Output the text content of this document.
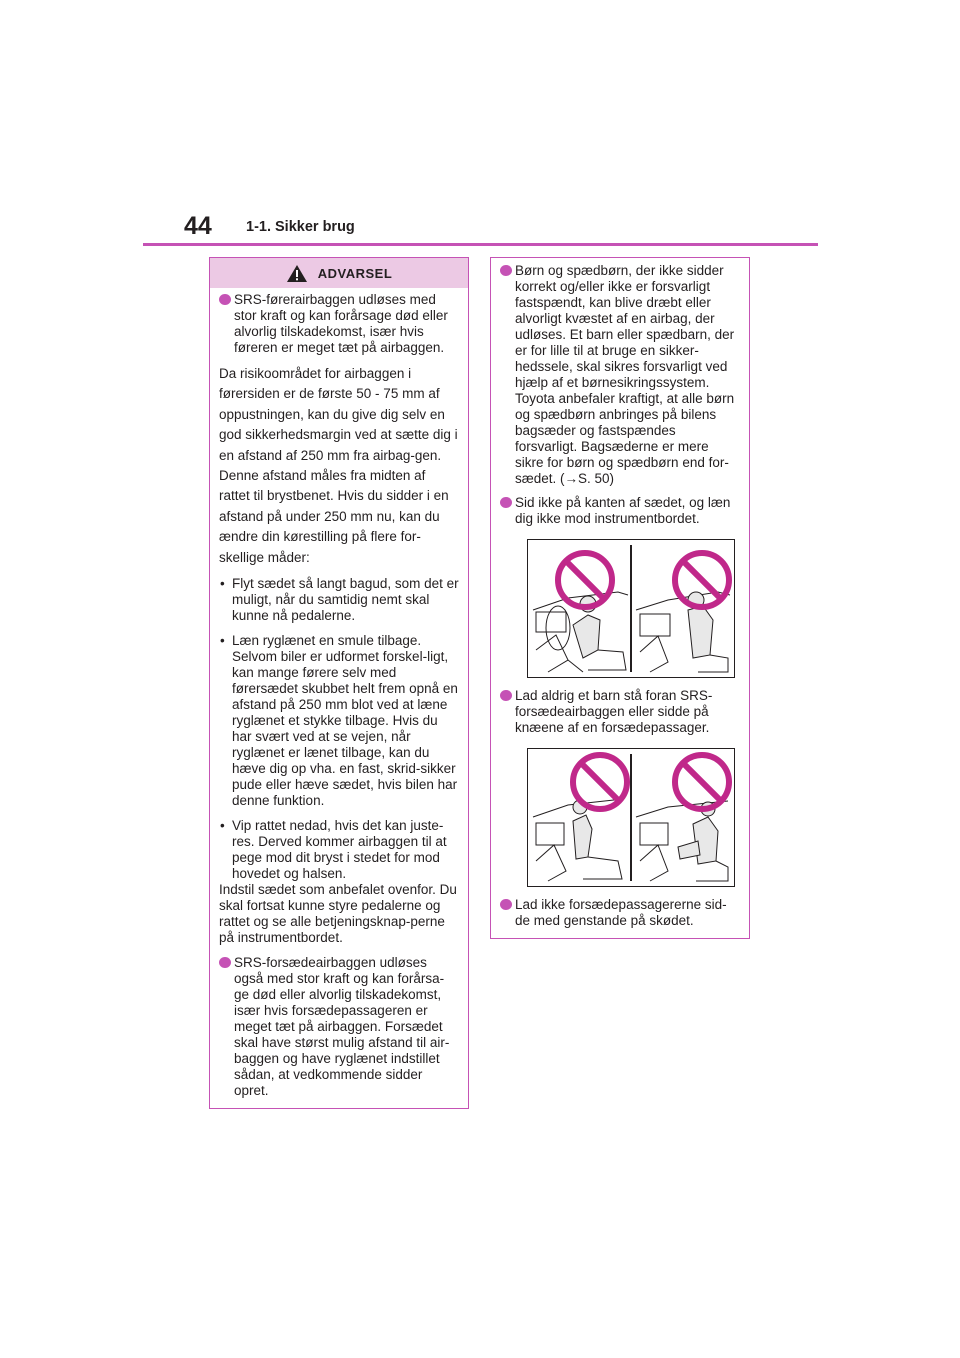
44 1-1. Sikker brug
ADVARSEL
SRS-førerairbaggen udløses med stor kraft og kan forårsage død eller alvorlig tilskadekomst, især hvis føreren er meget tæt på airbaggen.
Da risikoområdet for airbaggen i førersiden er de første 50 - 75 mm af oppustningen, kan du give dig selv en god sikkerhedsmargin ved at sætte dig i en afstand af 250 mm fra airbag-gen. Denne afstand måles fra midten af rattet til brystbenet. Hvis du sidder i en afstand på under 250 mm nu, kan du ændre din kørestilling på flere for-skellige måder:
• Flyt sædet så langt bagud, som det er muligt, når du samtidig nemt skal kunne nå pedalerne.
• Læn ryglænet en smule tilbage. Selvom biler er udformet forskel-ligt, kan mange førere selv med førersædet skubbet helt frem opnå en afstand på 250 mm blot ved at læne ryglænet et stykke tilbage. Hvis du har svært ved at se vejen, når ryglænet er lænet tilbage, kan du hæve dig op vha. en fast, skrid-sikker pude eller hæve sædet, hvis bilen har denne funktion.
• Vip rattet nedad, hvis det kan juste-res. Derved kommer airbaggen til at pege mod dit bryst i stedet for mod hovedet og halsen.
Indstil sædet som anbefalet ovenfor. Du skal fortsat kunne styre pedalerne og rattet og se alle betjeningsknap-perne på instrumentbordet.
SRS-forsædeairbaggen udløses også med stor kraft og kan forårsa-ge død eller alvorlig tilskadekomst, især hvis forsædepassageren er meget tæt på airbaggen. Forsædet skal have størst mulig afstand til air-baggen og have ryglænet indstillet sådan, at vedkommende sidder opret.
Børn og spædbørn, der ikke sidder korrekt og/eller ikke er forsvarligt fastspændt, kan blive dræbt eller alvorligt kvæstet af en airbag, der udløses. Et barn eller spædbarn, der er for lille til at bruge en sikker-hedssele, skal sikres forsvarligt ved hjælp af et børnesikringssystem. Toyota anbefaler kraftigt, at alle børn og spædbørn anbringes på bilens bagsæder og fastspændes forsvarligt. Bagsæderne er mere sikre for børn og spædbørn end for-sædet. (→S. 50)
Sid ikke på kanten af sædet, og læn dig ikke mod instrumentbordet.
Lad aldrig et barn stå foran SRS-forsædeairbaggen eller sidde på knæene af en forsædepassager.
Lad ikke forsædepassagererne sid-de med genstande på skødet.
